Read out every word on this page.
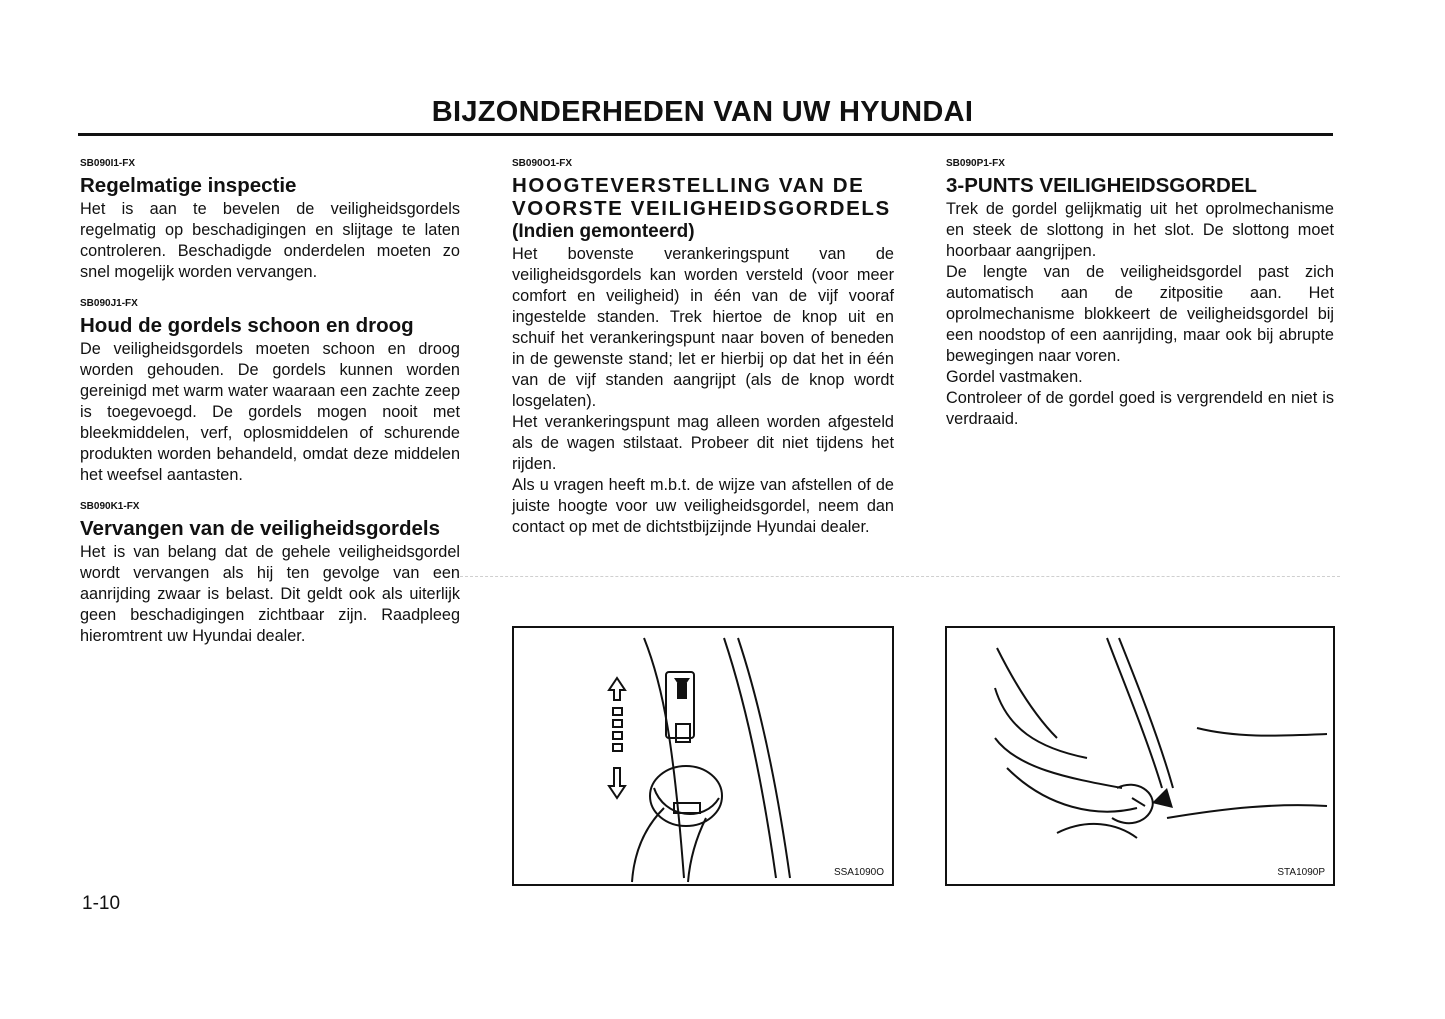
BIJZONDERHEDEN VAN UW HYUNDAI

SB090I1-FX

Regelmatige inspectie

Het is aan te bevelen de veiligheidsgordels regelmatig op beschadigingen en slijtage te laten controleren. Beschadigde onderdelen moeten zo snel mogelijk worden vervangen.

SB090J1-FX

Houd de gordels schoon en droog

De veiligheidsgordels moeten schoon en droog worden gehouden. De gordels kunnen worden gereinigd met warm water waaraan een zachte zeep is toegevoegd. De gordels mogen nooit met bleekmiddelen, verf, oplosmiddelen of schurende produkten worden behandeld, omdat deze middelen het weefsel aantasten.

SB090K1-FX

Vervangen van de veiligheidsgordels

Het is van belang dat de gehele veiligheidsgordel wordt vervangen als hij ten gevolge van een aanrijding zwaar is belast. Dit geldt ook als uiterlijk geen beschadigingen zichtbaar zijn. Raadpleeg hieromtrent uw Hyundai dealer.

SB090O1-FX

HOOGTEVERSTELLING VAN DE VOORSTE VEILIGHEIDSGORDELS

(Indien gemonteerd)

Het bovenste verankeringspunt van de veiligheidsgordels kan worden versteld (voor meer comfort en veiligheid) in één van de vijf vooraf ingestelde standen. Trek hiertoe de knop uit en schuif het verankeringspunt naar boven of beneden in de gewenste stand; let er hierbij op dat het in één van de vijf standen aangrijpt (als de knop wordt losgelaten).

Het verankeringspunt mag alleen worden afgesteld als de wagen stilstaat. Probeer dit niet tijdens het rijden.

Als u vragen heeft m.b.t. de wijze van afstellen of de juiste hoogte voor uw veiligheidsgordel, neem dan contact op met de dichtstbijzijnde Hyundai dealer.

SB090P1-FX

3-PUNTS VEILIGHEIDSGORDEL

Trek de gordel gelijkmatig uit het oprolmechanisme en steek de slottong in het slot. De slottong moet hoorbaar aangrijpen.

De lengte van de veiligheidsgordel past zich automatisch aan de zitpositie aan. Het oprolmechanisme blokkeert de veiligheidsgordel bij een noodstop of een aanrijding, maar ook bij abrupte bewegingen naar voren.

Gordel vastmaken.

Controleer of de gordel goed is vergrendeld en niet is verdraaid.

SSA1090O	STA1090P
1-10
